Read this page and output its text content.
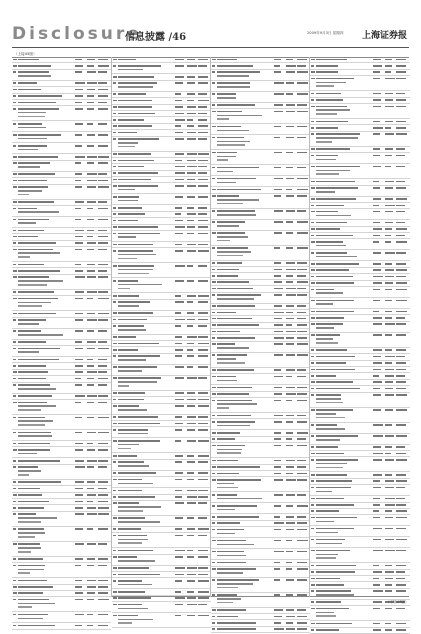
Disclosure
信息披露 /46	2009年9月3日 星期四 上海证券报
（上接45版）
（下转47版）
